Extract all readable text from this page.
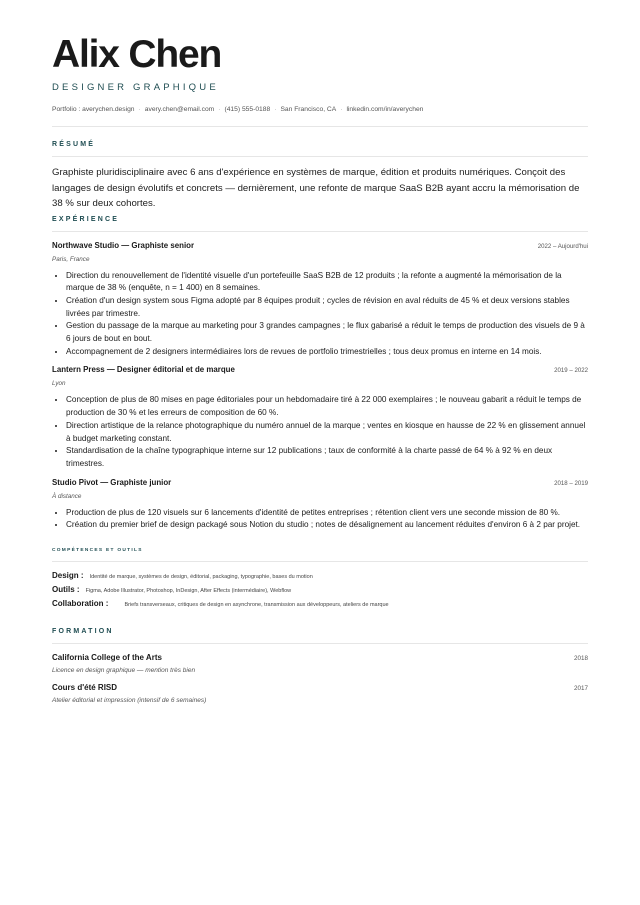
Alix Chen
DESIGNER GRAPHIQUE
Portfolio : averychen.design · avery.chen@email.com · (415) 555-0188 · San Francisco, CA · linkedin.com/in/averychen
RÉSUMÉ
Graphiste pluridisciplinaire avec 6 ans d'expérience en systèmes de marque, édition et produits numériques. Conçoit des langages de design évolutifs et concrets — dernièrement, une refonte de marque SaaS B2B ayant accru la mémorisation de 38 % sur deux cohortes.
EXPÉRIENCE
Northwave Studio — Graphiste senior	2022 – Aujourd'hui
Paris, France
• Direction du renouvellement de l'identité visuelle d'un portefeuille SaaS B2B de 12 produits ; la refonte a augmenté la mémorisation de la marque de 38 % (enquête, n = 1 400) en 8 semaines.
• Création d'un design system sous Figma adopté par 8 équipes produit ; cycles de révision en aval réduits de 45 % et deux versions stables livrées par trimestre.
• Gestion du passage de la marque au marketing pour 3 grandes campagnes ; le flux gabarisé a réduit le temps de production des visuels de 9 à 6 jours de bout en bout.
• Accompagnement de 2 designers intermédiaires lors de revues de portfolio trimestrielles ; tous deux promus en interne en 14 mois.
Lantern Press — Designer éditorial et de marque	2019 – 2022
Lyon
• Conception de plus de 80 mises en page éditoriales pour un hebdomadaire tiré à 22 000 exemplaires ; le nouveau gabarit a réduit le temps de production de 30 % et les erreurs de composition de 60 %.
• Direction artistique de la relance photographique du numéro annuel de la marque ; ventes en kiosque en hausse de 22 % en glissement annuel à budget marketing constant.
• Standardisation de la chaîne typographique interne sur 12 publications ; taux de conformité à la charte passé de 64 % à 92 % en deux trimestres.
Studio Pivot — Graphiste junior	2018 – 2019
À distance
• Production de plus de 120 visuels sur 6 lancements d'identité de petites entreprises ; rétention client vers une seconde mission de 80 %.
• Création du premier brief de design packagé sous Notion du studio ; notes de désalignement au lancement réduites d'environ 6 à 2 par projet.
COMPÉTENCES ET OUTILS
Design : Identité de marque, systèmes de design, éditorial, packaging, typographie, bases du motion
Outils : Figma, Adobe Illustrator, Photoshop, InDesign, After Effects (intermédiaire), Webflow
Collaboration :	Briefs transverseaux, critiques de design en asynchrone, transmission aux développeurs, ateliers de marque
FORMATION
California College of the Arts	2018
Licence en design graphique — mention très bien
Cours d'été RISD	2017
Atelier éditorial et impression (intensif de 6 semaines)
